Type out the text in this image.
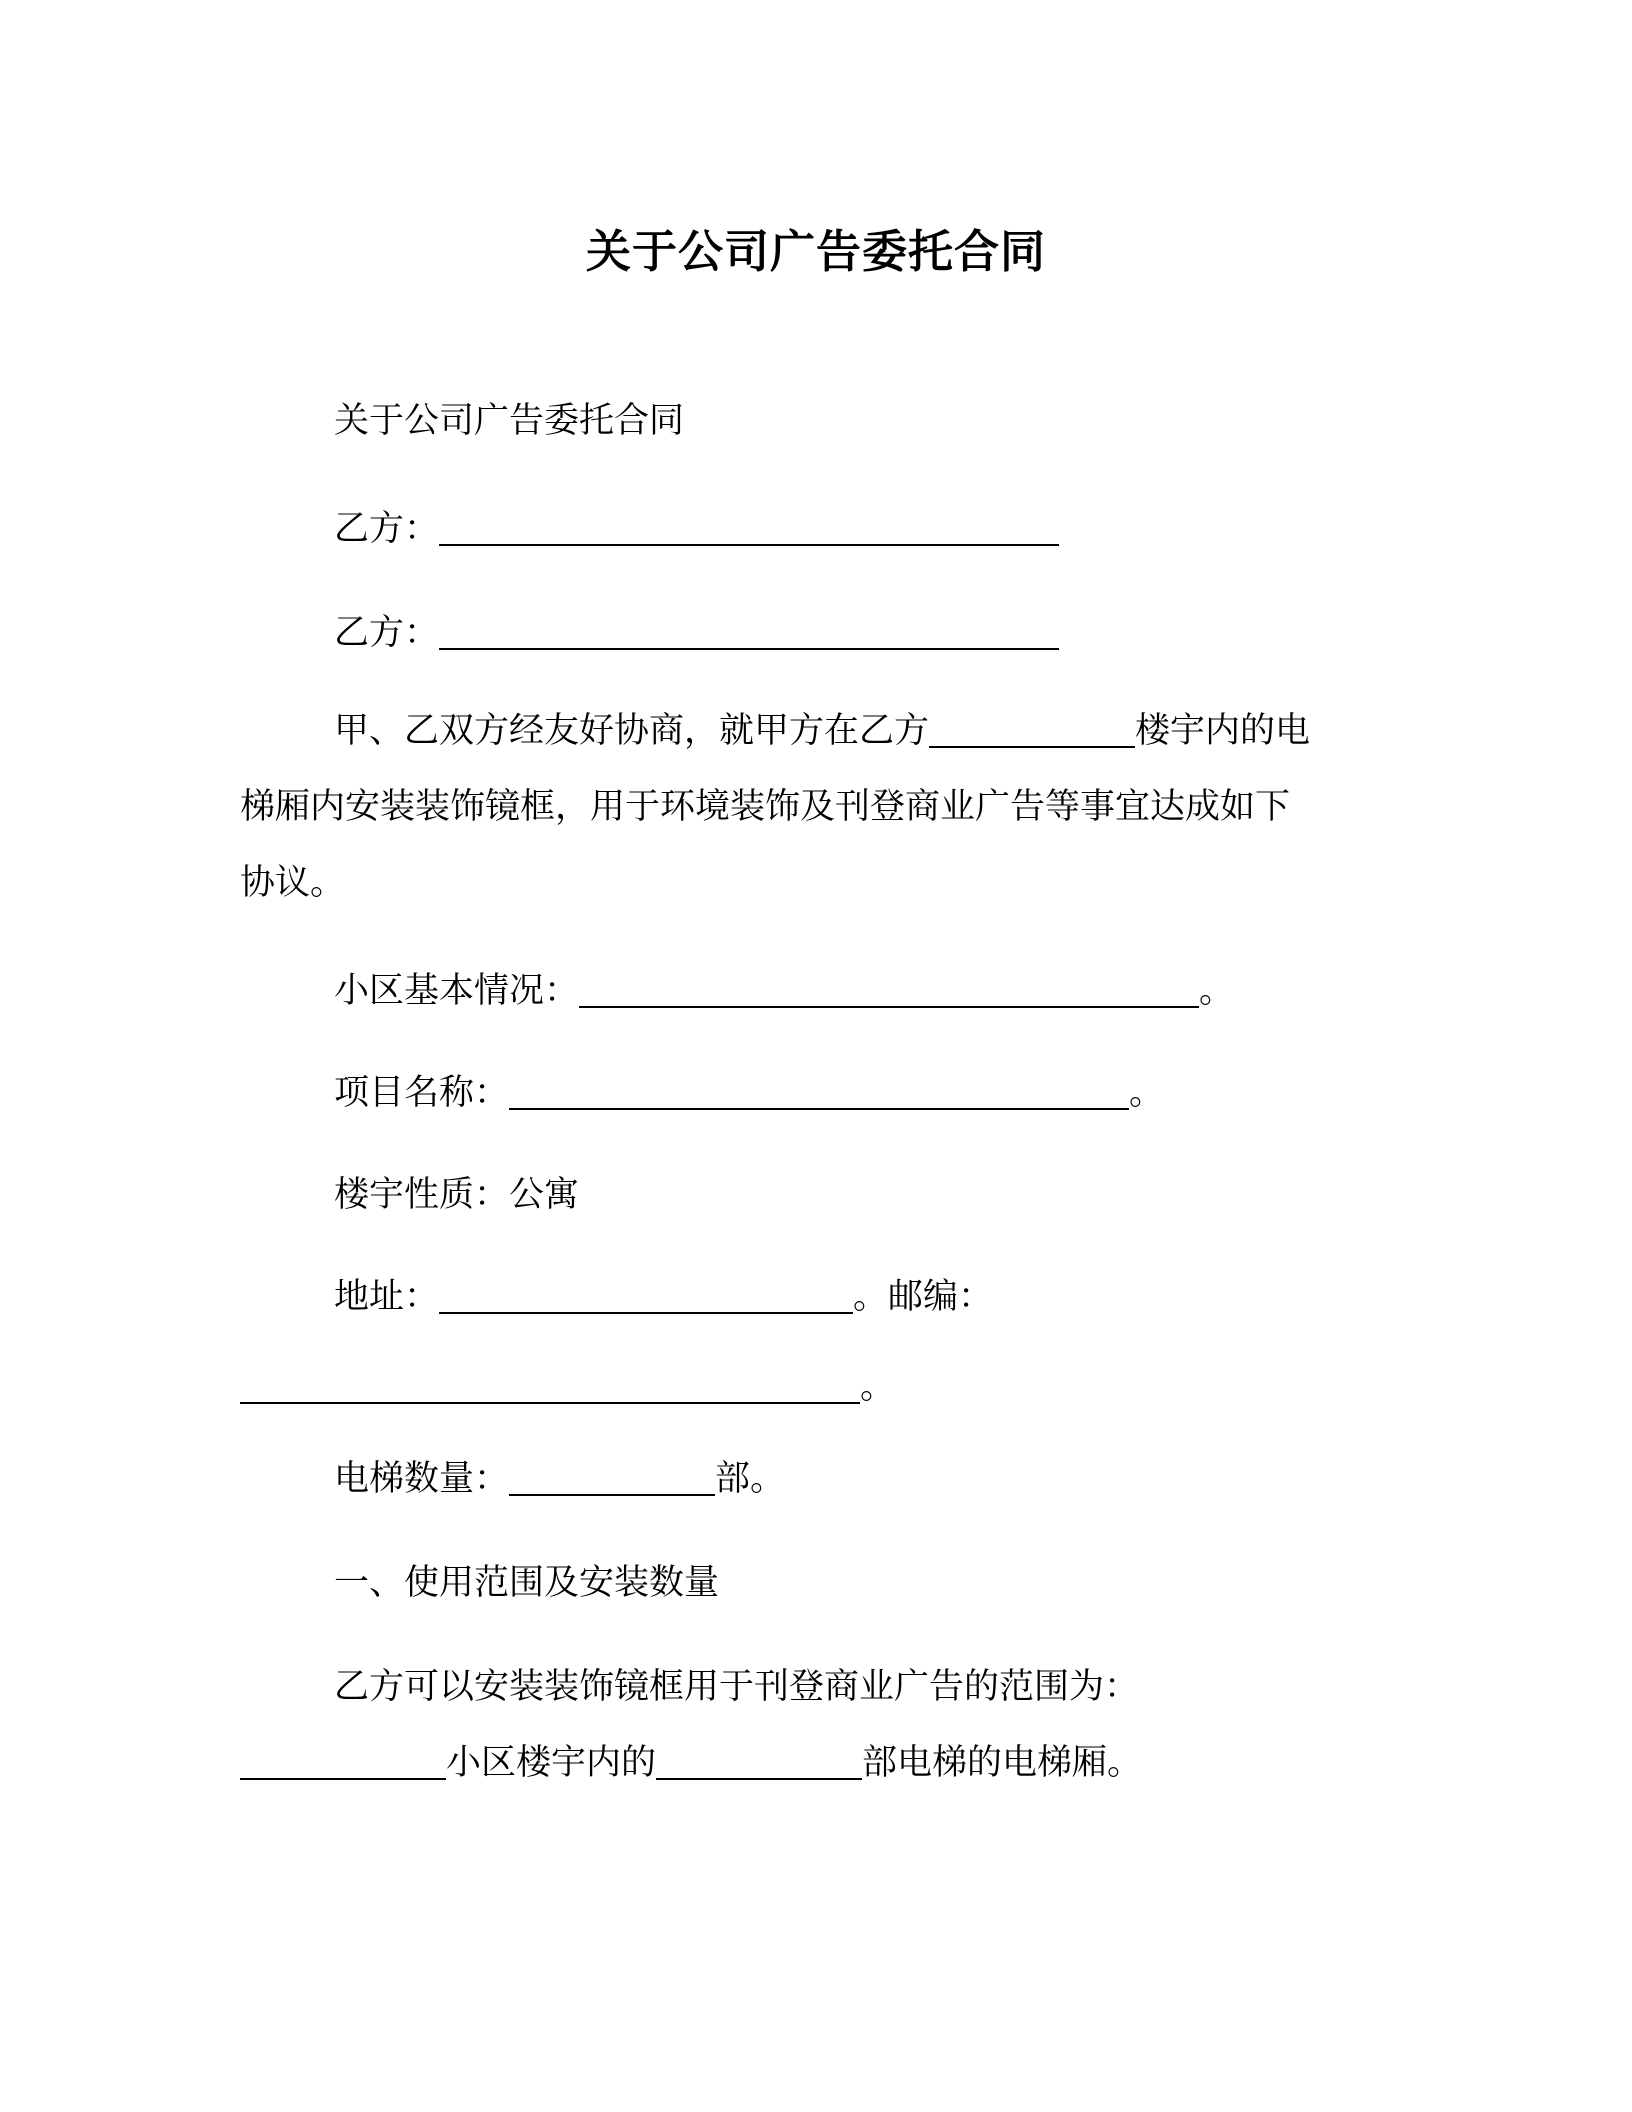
关于公司广告委托合同
关于公司广告委托合同
乙方：
乙方：
甲、乙双方经友好协商，就甲方在乙方	楼宇内的电
梯厢内安装装饰镜框，用于环境装饰及刊登商业广告等事宜达成如下
协议。
小区基本情况：	。
项目名称：	。
楼宇性质：公寓
地址：	。邮编：
。
电梯数量：	部。
一、使用范围及安装数量
乙方可以安装装饰镜框用于刊登商业广告的范围为：
小区楼宇内的	部电梯的电梯厢。
